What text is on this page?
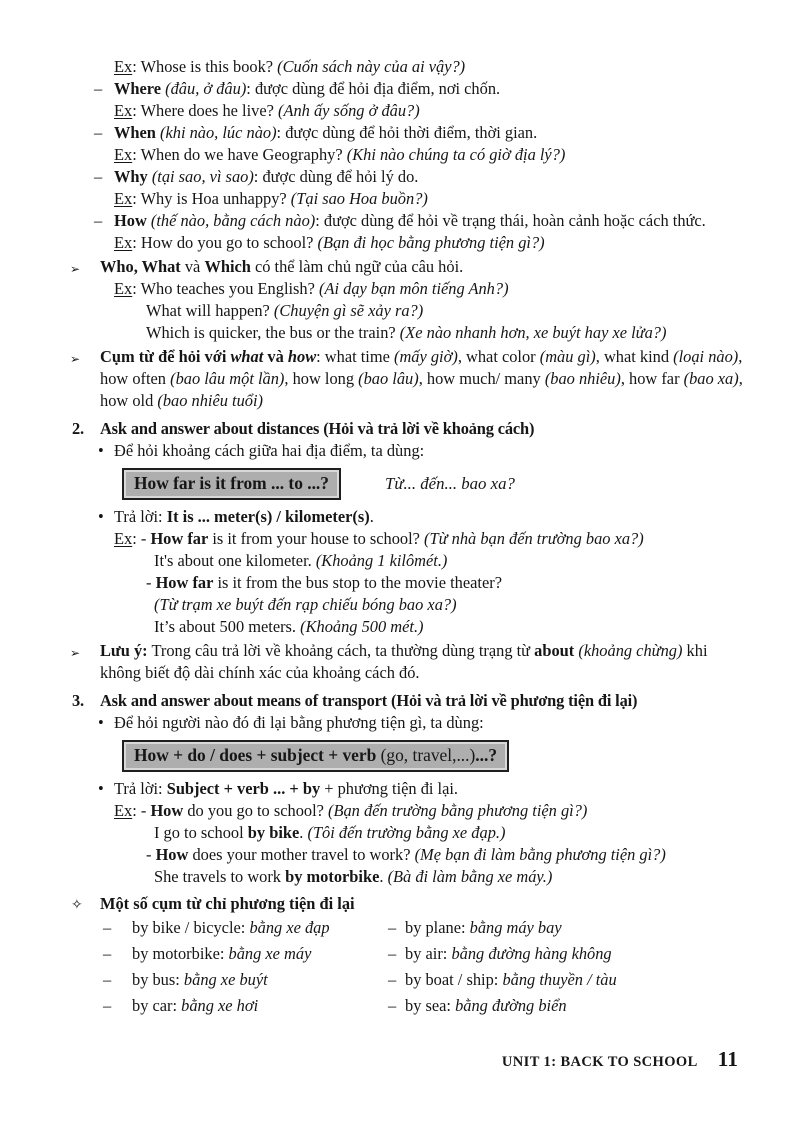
Ex: Whose is this book? (Cuốn sách này của ai vậy?)
– Where (đâu, ở đâu): được dùng để hỏi địa điểm, nơi chốn.
Ex: Where does he live? (Anh ấy sống ở đâu?)
– When (khi nào, lúc nào): được dùng để hỏi thời điểm, thời gian.
Ex: When do we have Geography? (Khi nào chúng ta có giờ địa lý?)
– Why (tại sao, vì sao): được dùng để hỏi lý do.
Ex: Why is Hoa unhappy? (Tại sao Hoa buồn?)
– How (thế nào, bằng cách nào): được dùng để hỏi về trạng thái, hoàn cảnh hoặc cách thức.
Ex: How do you go to school? (Bạn đi học bằng phương tiện gì?)
➢ Who, What và Which có thể làm chủ ngữ của câu hỏi.
Ex: Who teaches you English? (Ai dạy bạn môn tiếng Anh?)
What will happen? (Chuyện gì sẽ xảy ra?)
Which is quicker, the bus or the train? (Xe nào nhanh hơn, xe buýt hay xe lửa?)
➢ Cụm từ để hỏi với what và how: what time (mấy giờ), what color (màu gì), what kind (loại nào), how often (bao lâu một lần), how long (bao lâu), how much/ many (bao nhiêu), how far (bao xa), how old (bao nhiêu tuổi)
2. Ask and answer about distances (Hỏi và trả lời về khoảng cách)
• Để hỏi khoảng cách giữa hai địa điểm, ta dùng:
How far is it from ... to ...?	Từ... đến... bao xa?
• Trả lời: It is ... meter(s) / kilometer(s).
Ex: - How far is it from your house to school? (Từ nhà bạn đến trường bao xa?)
It's about one kilometer. (Khoảng 1 kilômét.)
- How far is it from the bus stop to the movie theater?
(Từ trạm xe buýt đến rạp chiếu bóng bao xa?)
It’s about 500 meters. (Khoảng 500 mét.)
➢ Lưu ý: Trong câu trả lời về khoảng cách, ta thường dùng trạng từ about (khoảng chừng) khi không biết độ dài chính xác của khoảng cách đó.
3. Ask and answer about means of transport (Hỏi và trả lời về phương tiện đi lại)
• Để hỏi người nào đó đi lại bằng phương tiện gì, ta dùng:
How + do / does + subject + verb (go, travel,...)...?
• Trả lời: Subject + verb ... + by + phương tiện đi lại.
Ex: - How do you go to school? (Bạn đến trường bằng phương tiện gì?)
I go to school by bike. (Tôi đến trường bằng xe đạp.)
- How does your mother travel to work? (Mẹ bạn đi làm bằng phương tiện gì?)
She travels to work by motorbike. (Bà đi làm bằng xe máy.)
✧ Một số cụm từ chỉ phương tiện đi lại
– by bike / bicycle: bằng xe đạp	– by plane: bằng máy bay
– by motorbike: bằng xe máy	– by air: bằng đường hàng không
– by bus: bằng xe buýt	– by boat / ship: bằng thuyền / tàu
– by car: bằng xe hơi	– by sea: bằng đường biển
UNIT 1: BACK TO SCHOOL 11
